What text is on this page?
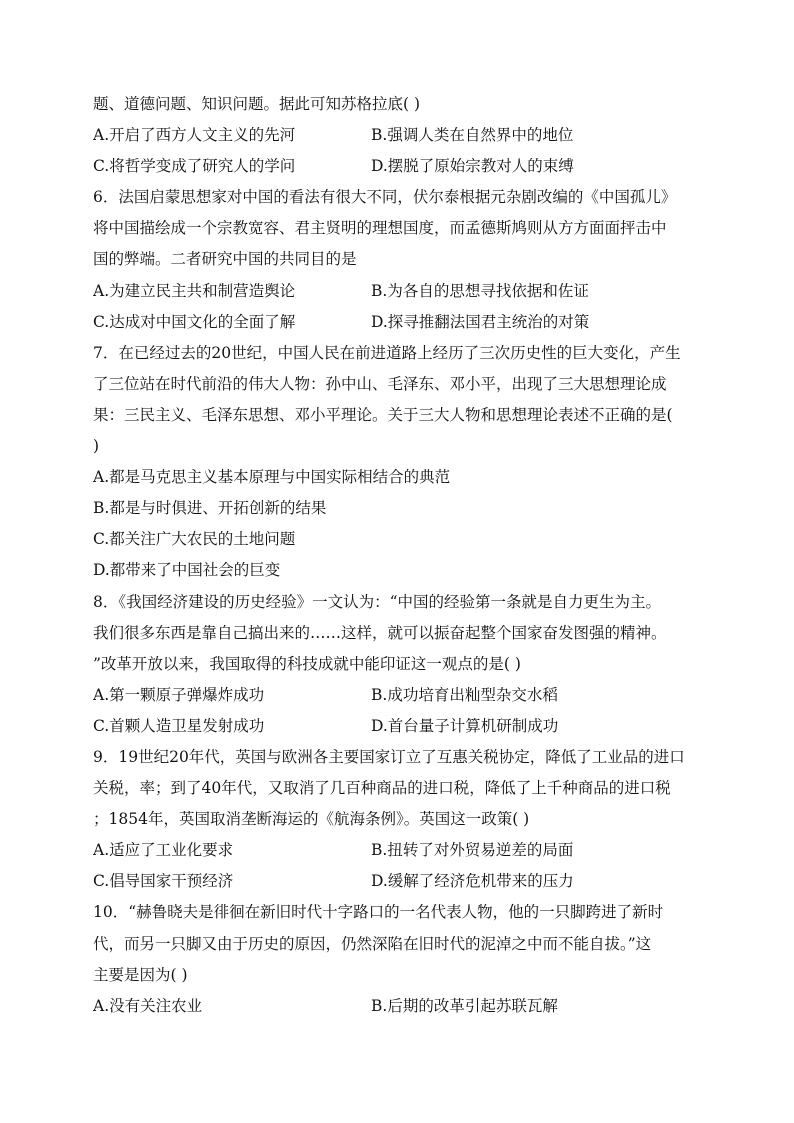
题、道德问题、知识问题。据此可知苏格拉底( )
A.开启了西方人文主义的先河	B.强调人类在自然界中的地位
C.将哲学变成了研究人的学问	D.摆脱了原始宗教对人的束缚
6．法国启蒙思想家对中国的看法有很大不同，伏尔泰根据元杂剧改编的《中国孤儿》
将中国描绘成一个宗教宽容、君主贤明的理想国度，而孟德斯鸠则从方方面面抨击中
国的弊端。二者研究中国的共同目的是
A.为建立民主共和制营造舆论	B.为各自的思想寻找依据和佐证
C.达成对中国文化的全面了解	D.探寻推翻法国君主统治的对策
7．在已经过去的20世纪，中国人民在前进道路上经历了三次历史性的巨大变化，产生
了三位站在时代前沿的伟大人物：孙中山、毛泽东、邓小平，出现了三大思想理论成
果：三民主义、毛泽东思想、邓小平理论。关于三大人物和思想理论表述不正确的是(
)
A.都是马克思主义基本原理与中国实际相结合的典范
B.都是与时俱进、开拓创新的结果
C.都关注广大农民的土地问题
D.都带来了中国社会的巨变
8．《我国经济建设的历史经验》一文认为：“中国的经验第一条就是自力更生为主。
我们很多东西是靠自己搞出来的……这样，就可以振奋起整个国家奋发图强的精神。
”改革开放以来，我国取得的科技成就中能印证这一观点的是( )
A.第一颗原子弹爆炸成功	B.成功培育出籼型杂交水稻
C.首颗人造卫星发射成功	D.首台量子计算机研制成功
9．19世纪20年代，英国与欧洲各主要国家订立了互惠关税协定，降低了工业品的进口
关税，率；到了40年代，又取消了几百种商品的进口税，降低了上千种商品的进口税
；1854年，英国取消垄断海运的《航海条例》。英国这一政策( )
A.适应了工业化要求	B.扭转了对外贸易逆差的局面
C.倡导国家干预经济	D.缓解了经济危机带来的压力
10．“赫鲁晓夫是徘徊在新旧时代十字路口的一名代表人物，他的一只脚跨进了新时
代，而另一只脚又由于历史的原因，仍然深陷在旧时代的泥淖之中而不能自拔。”这
主要是因为( )
A.没有关注农业	B.后期的改革引起苏联瓦解
